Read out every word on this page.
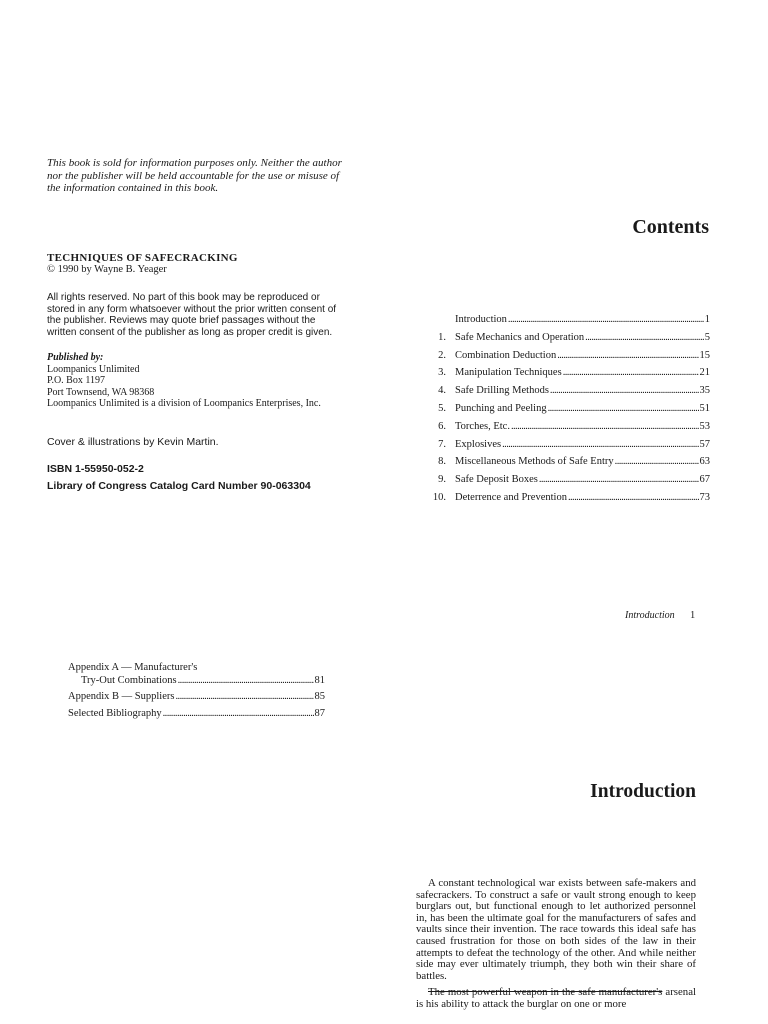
This book is sold for information purposes only. Neither the author nor the publisher will be held accountable for the use or misuse of the information contained in this book.
TECHNIQUES OF SAFECRACKING
© 1990 by Wayne B. Yeager
All rights reserved. No part of this book may be reproduced or stored in any form whatsoever without the prior written consent of the publisher. Reviews may quote brief passages without the written consent of the publisher as long as proper credit is given.
Published by:
Loompanics Unlimited
P.O. Box 1197
Port Townsend, WA 98368
Loompanics Unlimited is a division of Loompanics Enterprises, Inc.
Cover & illustrations by Kevin Martin.
ISBN 1-55950-052-2
Library of Congress Catalog Card Number 90-063304
Contents
Introduction . . .	1
1. Safe Mechanics and Operation . . .	5
2. Combination Deduction . . .	15
3. Manipulation Techniques . . .	21
4. Safe Drilling Methods . . .	35
5. Punching and Peeling . . .	51
6. Torches, Etc. . . .	53
7. Explosives . . .	57
8. Miscellaneous Methods of Safe Entry . . .	63
9. Safe Deposit Boxes . . .	67
10. Deterrence and Prevention . . .	73
Appendix A — Manufacturer's
Try-Out Combinations . . .	81
Appendix B — Suppliers . . .	85
Selected Bibliography . . .	87
Introduction 1
Introduction

A constant technological war exists between safe-makers and safecrackers. To construct a safe or vault strong enough to keep burglars out, but functional enough to let authorized personnel in, has been the ultimate goal for the manufacturers of safes and vaults since their invention. The race towards this ideal safe has caused frustration for those on both sides of the law in their attempts to defeat the technology of the other. And while neither side may ever ultimately triumph, they both win their share of battles.

The most powerful weapon in the safe manufacturer's arsenal is his ability to attack the burglar on one or more
